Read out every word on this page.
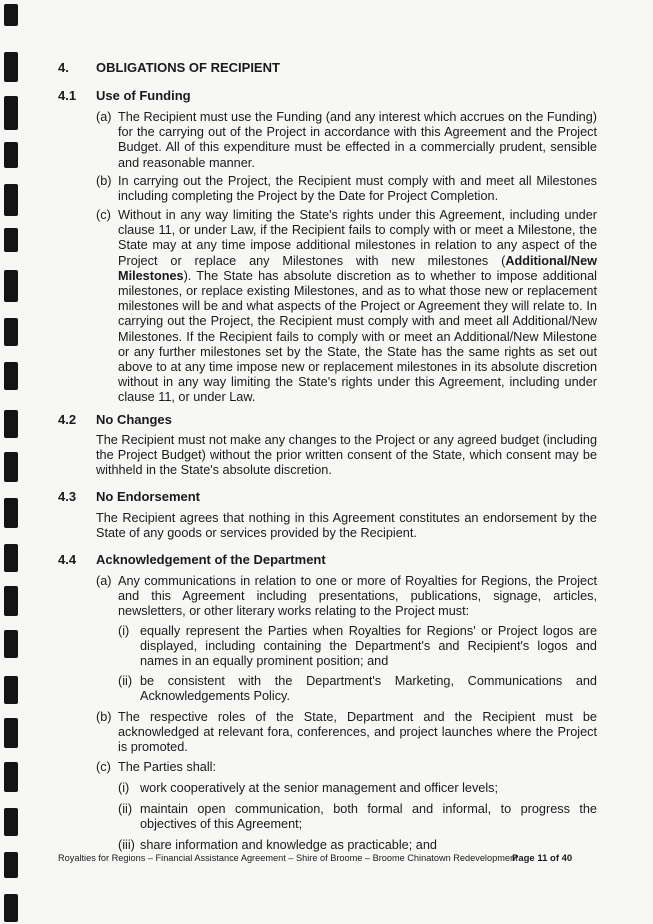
4. OBLIGATIONS OF RECIPIENT
4.1 Use of Funding
(a) The Recipient must use the Funding (and any interest which accrues on the Funding) for the carrying out of the Project in accordance with this Agreement and the Project Budget. All of this expenditure must be effected in a commercially prudent, sensible and reasonable manner.
(b) In carrying out the Project, the Recipient must comply with and meet all Milestones including completing the Project by the Date for Project Completion.
(c) Without in any way limiting the State's rights under this Agreement, including under clause 11, or under Law, if the Recipient fails to comply with or meet a Milestone, the State may at any time impose additional milestones in relation to any aspect of the Project or replace any Milestones with new milestones (Additional/New Milestones). The State has absolute discretion as to whether to impose additional milestones, or replace existing Milestones, and as to what those new or replacement milestones will be and what aspects of the Project or Agreement they will relate to. In carrying out the Project, the Recipient must comply with and meet all Additional/New Milestones. If the Recipient fails to comply with or meet an Additional/New Milestone or any further milestones set by the State, the State has the same rights as set out above to at any time impose new or replacement milestones in its absolute discretion without in any way limiting the State's rights under this Agreement, including under clause 11, or under Law.
4.2 No Changes
The Recipient must not make any changes to the Project or any agreed budget (including the Project Budget) without the prior written consent of the State, which consent may be withheld in the State's absolute discretion.
4.3 No Endorsement
The Recipient agrees that nothing in this Agreement constitutes an endorsement by the State of any goods or services provided by the Recipient.
4.4 Acknowledgement of the Department
(a) Any communications in relation to one or more of Royalties for Regions, the Project and this Agreement including presentations, publications, signage, articles, newsletters, or other literary works relating to the Project must:
(i) equally represent the Parties when Royalties for Regions' or Project logos are displayed, including containing the Department's and Recipient's logos and names in an equally prominent position; and
(ii) be consistent with the Department's Marketing, Communications and Acknowledgements Policy.
(b) The respective roles of the State, Department and the Recipient must be acknowledged at relevant fora, conferences, and project launches where the Project is promoted.
(c) The Parties shall:
(i) work cooperatively at the senior management and officer levels;
(ii) maintain open communication, both formal and informal, to progress the objectives of this Agreement;
(iii) share information and knowledge as practicable; and
Royalties for Regions – Financial Assistance Agreement – Shire of Broome – Broome Chinatown Redevelopment
Page 11 of 40
